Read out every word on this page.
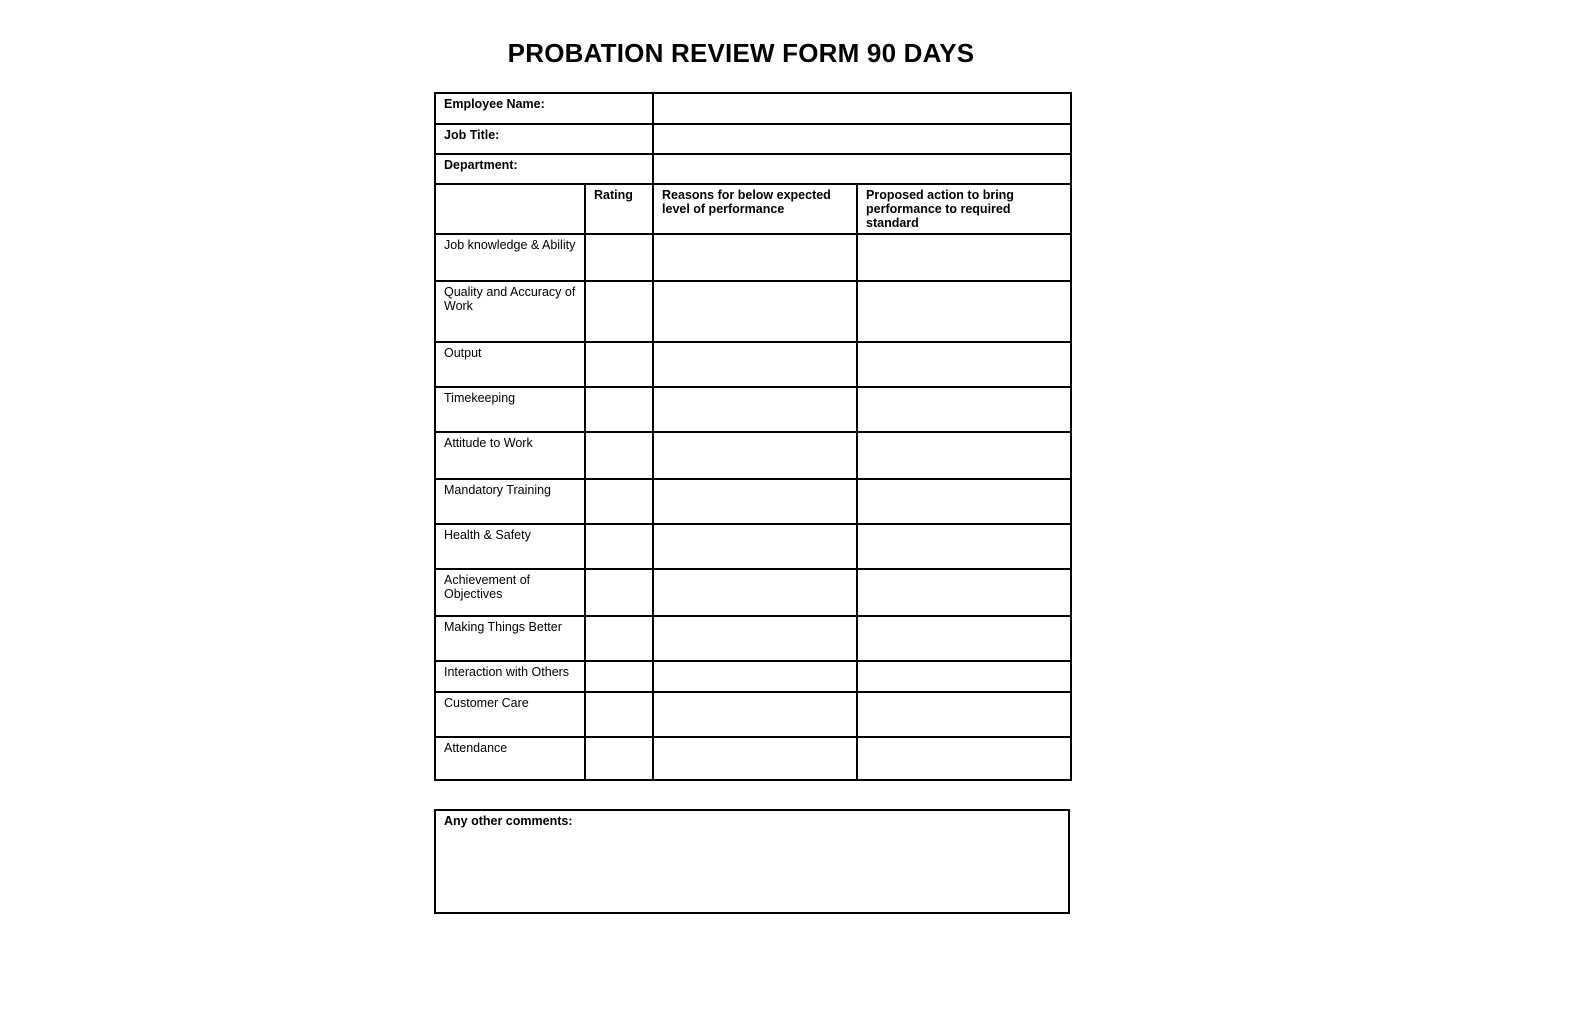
PROBATION REVIEW FORM 90 DAYS
Employee Name:			
Job Title:			
Department:			
	Rating	Reasons for below expected level of performance	Proposed action to bring performance to required standard
Job knowledge & Ability			
Quality and Accuracy of Work			
Output			
Timekeeping			
Attitude to Work			
Mandatory Training			
Health & Safety			
Achievement of Objectives			
Making Things Better			
Interaction with Others			
Customer Care			
Attendance			
Any other comments:
